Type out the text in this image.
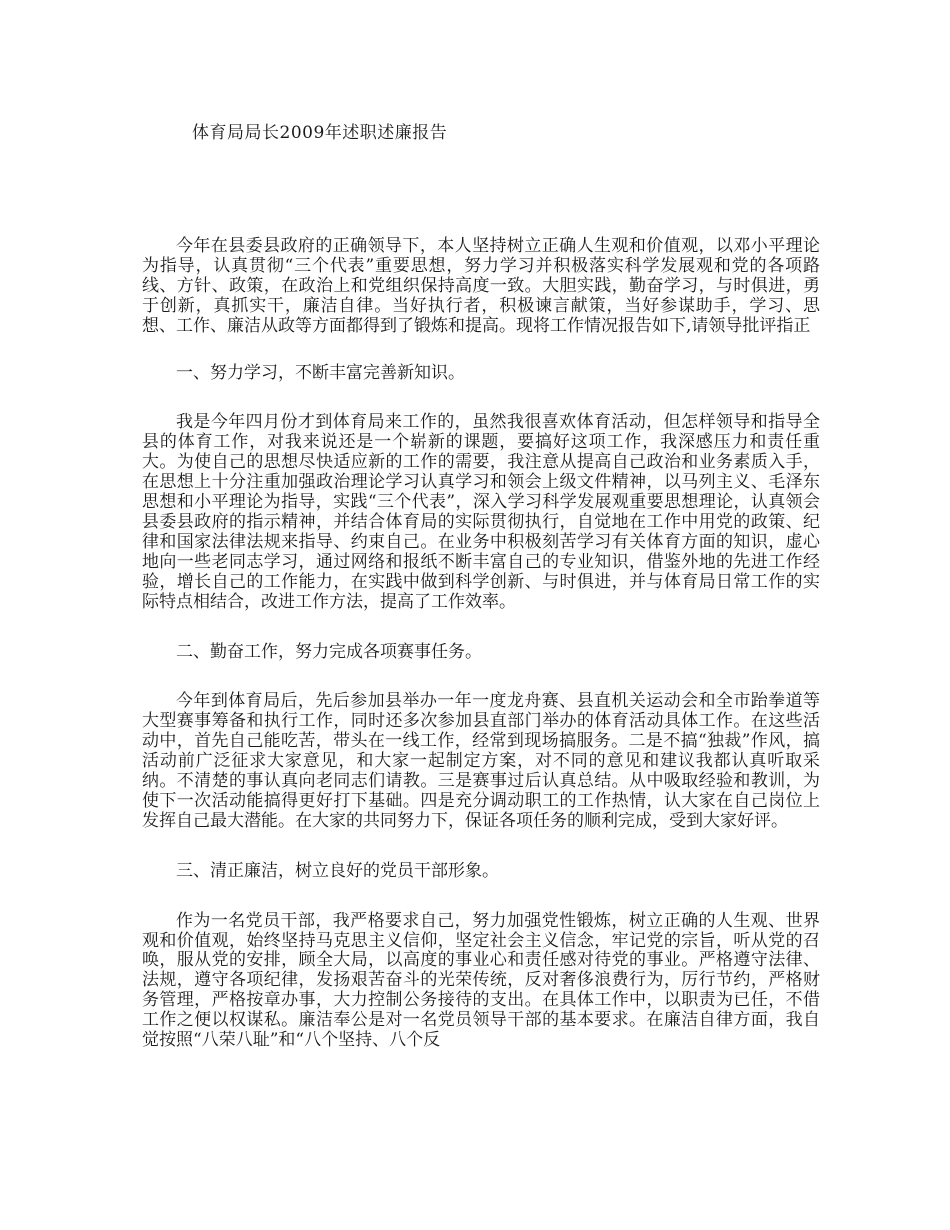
体育局局长2009年述职述廉报告

今年在县委县政府的正确领导下，本人坚持树立正确人生观和价值观，以邓小平理论为指导，认真贯彻“三个代表”重要思想，努力学习并积极落实科学发展观和党的各项路线、方针、政策，在政治上和党组织保持高度一致。大胆实践，勤奋学习，与时俱进，勇于创新，真抓实干，廉洁自律。当好执行者，积极谏言献策，当好参谋助手，学习、思想、工作、廉洁从政等方面都得到了锻炼和提高。现将工作情况报告如下,请领导批评指正

一、努力学习，不断丰富完善新知识。

我是今年四月份才到体育局来工作的，虽然我很喜欢体育活动，但怎样领导和指导全县的体育工作，对我来说还是一个崭新的课题，要搞好这项工作，我深感压力和责任重大。为使自己的思想尽快适应新的工作的需要，我注意从提高自己政治和业务素质入手，在思想上十分注重加强政治理论学习认真学习和领会上级文件精神，以马列主义、毛泽东思想和小平理论为指导，实践“三个代表”，深入学习科学发展观重要思想理论，认真领会县委县政府的指示精神，并结合体育局的实际贯彻执行，自觉地在工作中用党的政策、纪律和国家法律法规来指导、约束自己。在业务中积极刻苦学习有关体育方面的知识，虚心地向一些老同志学习，通过网络和报纸不断丰富自己的专业知识，借鉴外地的先进工作经验，增长自己的工作能力，在实践中做到科学创新、与时俱进，并与体育局日常工作的实际特点相结合，改进工作方法，提高了工作效率。

二、勤奋工作，努力完成各项赛事任务。

今年到体育局后，先后参加县举办一年一度龙舟赛、县直机关运动会和全市跆拳道等大型赛事筹备和执行工作，同时还多次参加县直部门举办的体育活动具体工作。在这些活动中，首先自己能吃苦，带头在一线工作，经常到现场搞服务。二是不搞“独裁”作风，搞活动前广泛征求大家意见，和大家一起制定方案，对不同的意见和建议我都认真听取采纳。不清楚的事认真向老同志们请教。三是赛事过后认真总结。从中吸取经验和教训，为使下一次活动能搞得更好打下基础。四是充分调动职工的工作热情，认大家在自己岗位上发挥自己最大潜能。在大家的共同努力下，保证各项任务的顺利完成，受到大家好评。

三、清正廉洁，树立良好的党员干部形象。

作为一名党员干部，我严格要求自己，努力加强党性锻炼，树立正确的人生观、世界观和价值观，始终坚持马克思主义信仰，坚定社会主义信念，牢记党的宗旨，听从党的召唤，服从党的安排，顾全大局，以高度的事业心和责任感对待党的事业。严格遵守法律、法规，遵守各项纪律，发扬艰苦奋斗的光荣传统，反对奢侈浪费行为，厉行节约，严格财务管理，严格按章办事，大力控制公务接待的支出。在具体工作中，以职责为已任，不借工作之便以权谋私。廉洁奉公是对一名党员领导干部的基本要求。在廉洁自律方面，我自觉按照“八荣八耻”和“八个坚持、八个反
